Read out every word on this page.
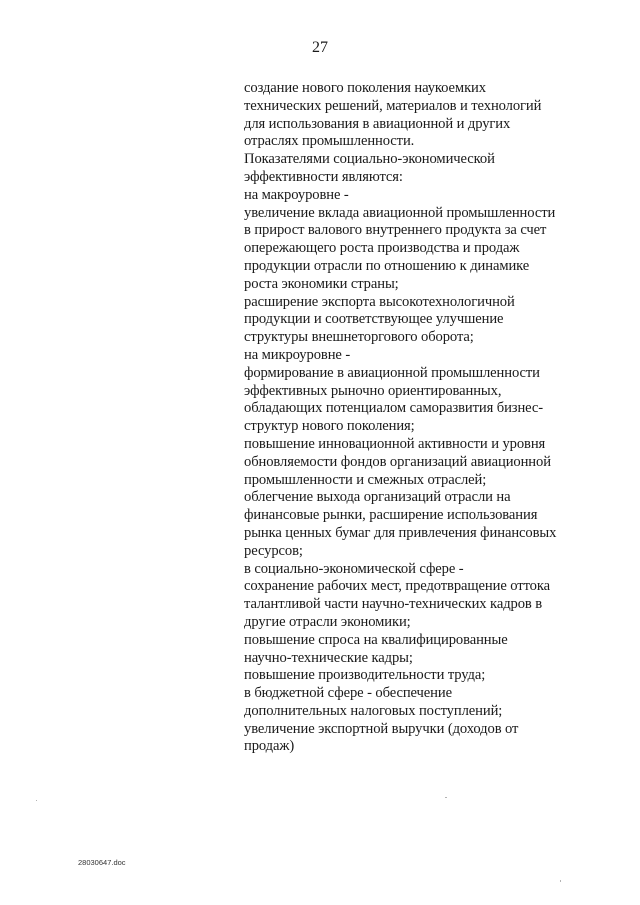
27
создание нового поколения наукоемких
технических решений, материалов и технологий
для использования в авиационной и других
отраслях промышленности.
Показателями социально-экономической
эффективности являются:
на макроуровне -
увеличение вклада авиационной промышленности
в прирост валового внутреннего продукта за счет
опережающего роста производства и продаж
продукции отрасли по отношению к динамике
роста экономики страны;
расширение экспорта высокотехнологичной
продукции и соответствующее улучшение
структуры внешнеторгового оборота;
на микроуровне -
формирование в авиационной промышленности
эффективных рыночно ориентированных,
обладающих потенциалом саморазвития бизнес-
структур нового поколения;
повышение инновационной активности и уровня
обновляемости фондов организаций авиационной
промышленности и смежных отраслей;
облегчение выхода организаций отрасли на
финансовые рынки, расширение использования
рынка ценных бумаг для привлечения финансовых
ресурсов;
в социально-экономической сфере -
сохранение рабочих мест, предотвращение оттока
талантливой части научно-технических кадров в
другие отрасли экономики;
повышение спроса на квалифицированные
научно-технические кадры;
повышение производительности труда;
в бюджетной сфере - обеспечение
дополнительных налоговых поступлений;
увеличение экспортной выручки (доходов от
продаж)
28030647.doc
